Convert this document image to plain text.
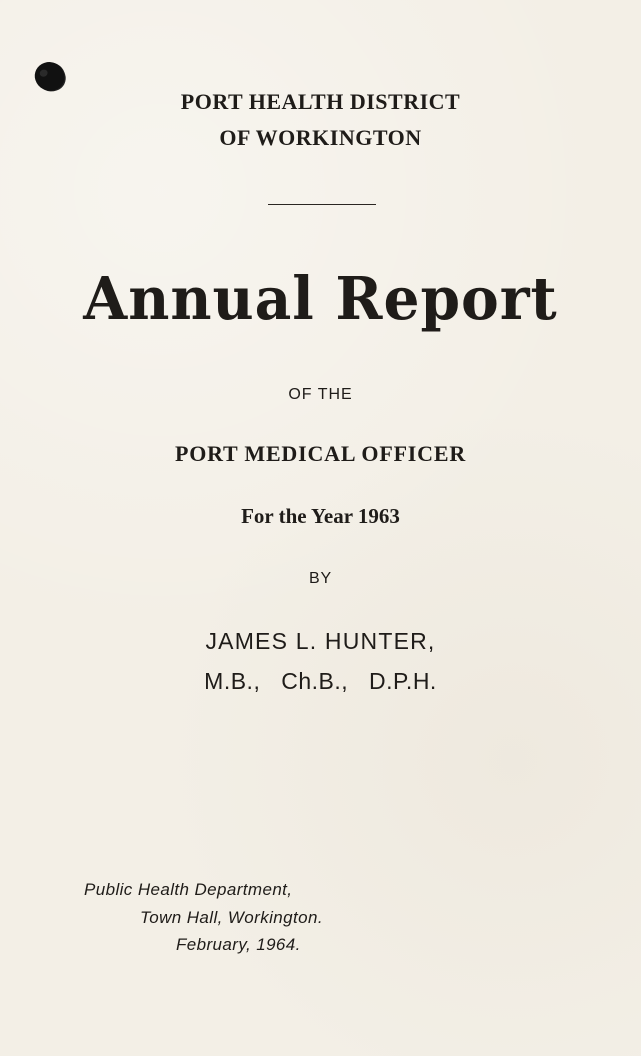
PORT HEALTH DISTRICT
OF WORKINGTON
Annual Report
OF THE
PORT MEDICAL OFFICER
For the Year 1963
BY
JAMES L. HUNTER,
M.B., Ch.B., D.P.H.
Public Health Department,
Town Hall, Workington.
February, 1964.
